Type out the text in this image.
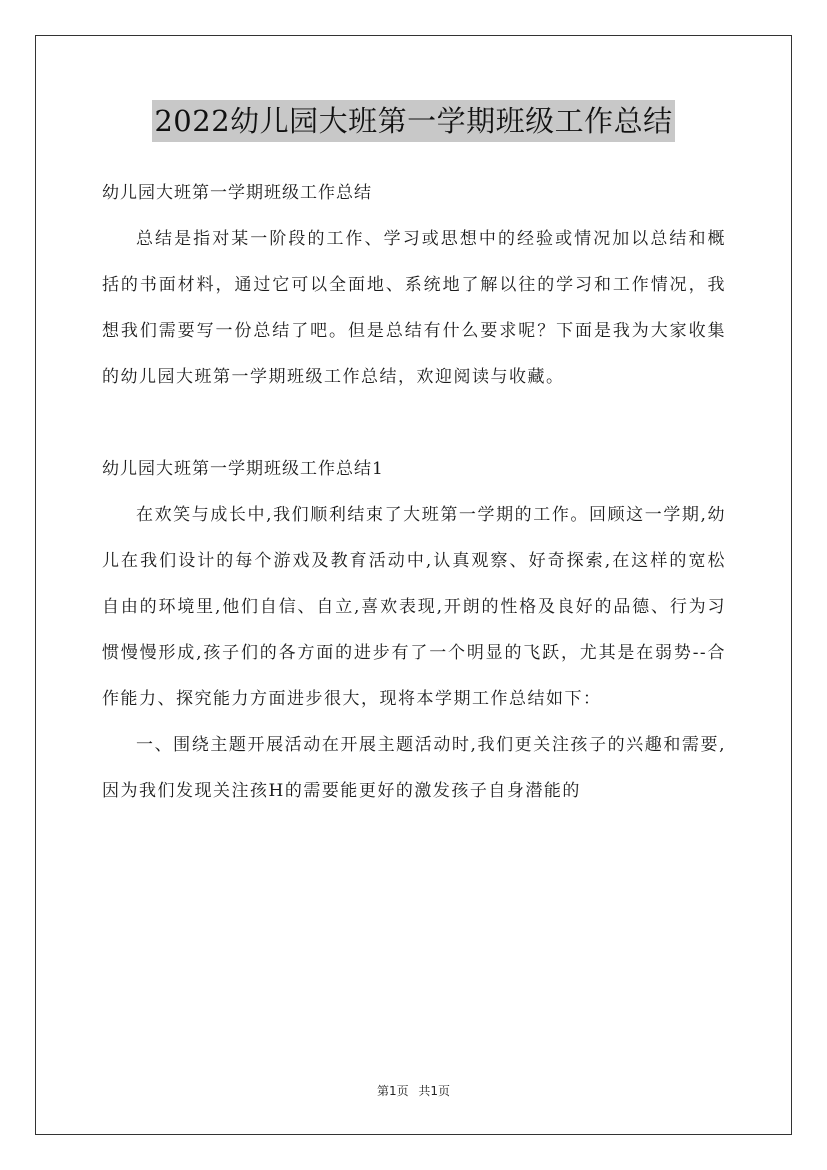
2022幼儿园大班第一学期班级工作总结

幼儿园大班第一学期班级工作总结

总结是指对某一阶段的工作、学习或思想中的经验或情况加以总结和概括的书面材料，通过它可以全面地、系统地了解以往的学习和工作情况，我想我们需要写一份总结了吧。但是总结有什么要求呢？下面是我为大家收集的幼儿园大班第一学期班级工作总结，欢迎阅读与收藏。

幼儿园大班第一学期班级工作总结1

在欢笑与成长中,我们顺利结束了大班第一学期的工作。回顾这一学期,幼儿在我们设计的每个游戏及教育活动中,认真观察、好奇探索,在这样的宽松自由的环境里,他们自信、自立,喜欢表现,开朗的性格及良好的品德、行为习惯慢慢形成,孩子们的各方面的进步有了一个明显的飞跃，尤其是在弱势--合作能力、探究能力方面进步很大，现将本学期工作总结如下：

一、围绕主题开展活动在开展主题活动时,我们更关注孩子的兴趣和需要,因为我们发现关注孩H的需要能更好的激发孩子自身潜能的

第1页 共1页
